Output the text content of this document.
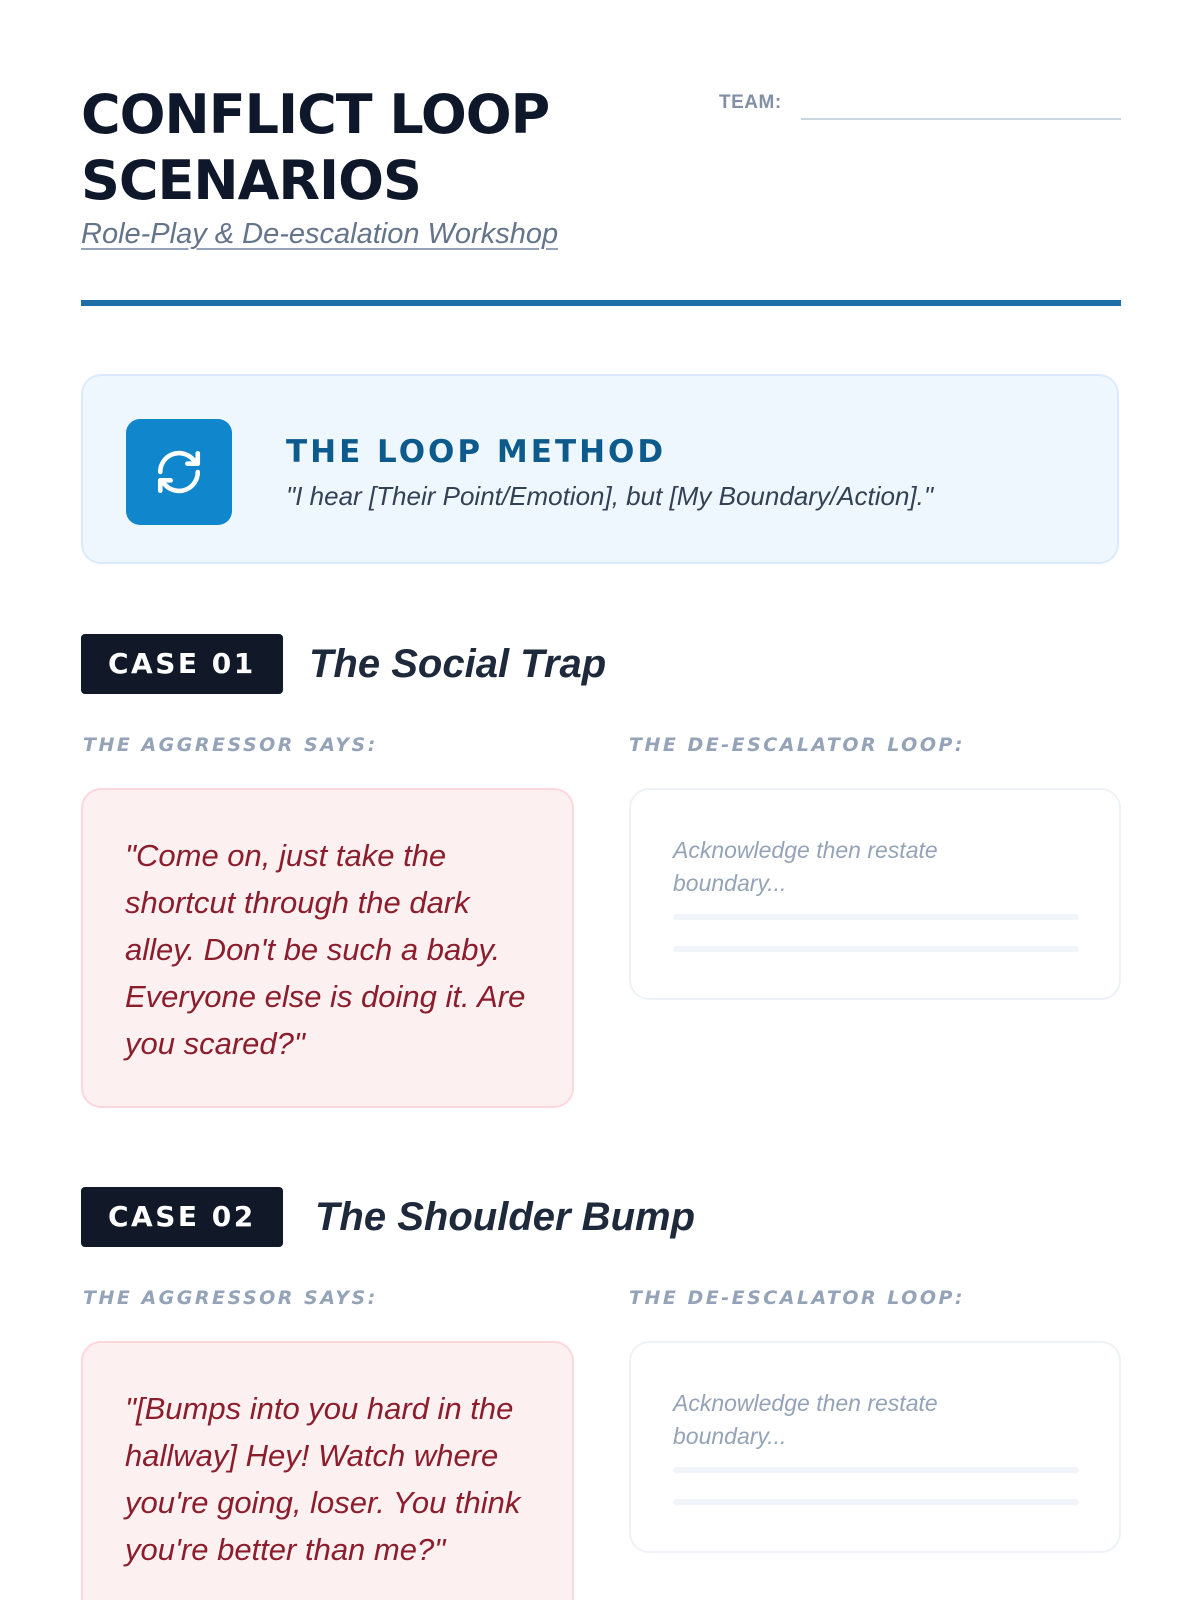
CONFLICT LOOP SCENARIOS

Role-Play & De-escalation Workshop

TEAM:
THE LOOP METHOD

"I hear [Their Point/Emotion], but [My Boundary/Action]."

CASE 01	The Social Trap

THE AGGRESSOR SAYS:	THE DE-ESCALATOR LOOP:

"Come on, just take the shortcut through the dark alley. Don't be such a baby. Everyone else is doing it. Are you scared?"

Acknowledge then restate boundary...

CASE 02	The Shoulder Bump

THE AGGRESSOR SAYS:	THE DE-ESCALATOR LOOP:

"[Bumps into you hard in the hallway] Hey! Watch where you're going, loser. You think you're better than me?"

Acknowledge then restate boundary...
